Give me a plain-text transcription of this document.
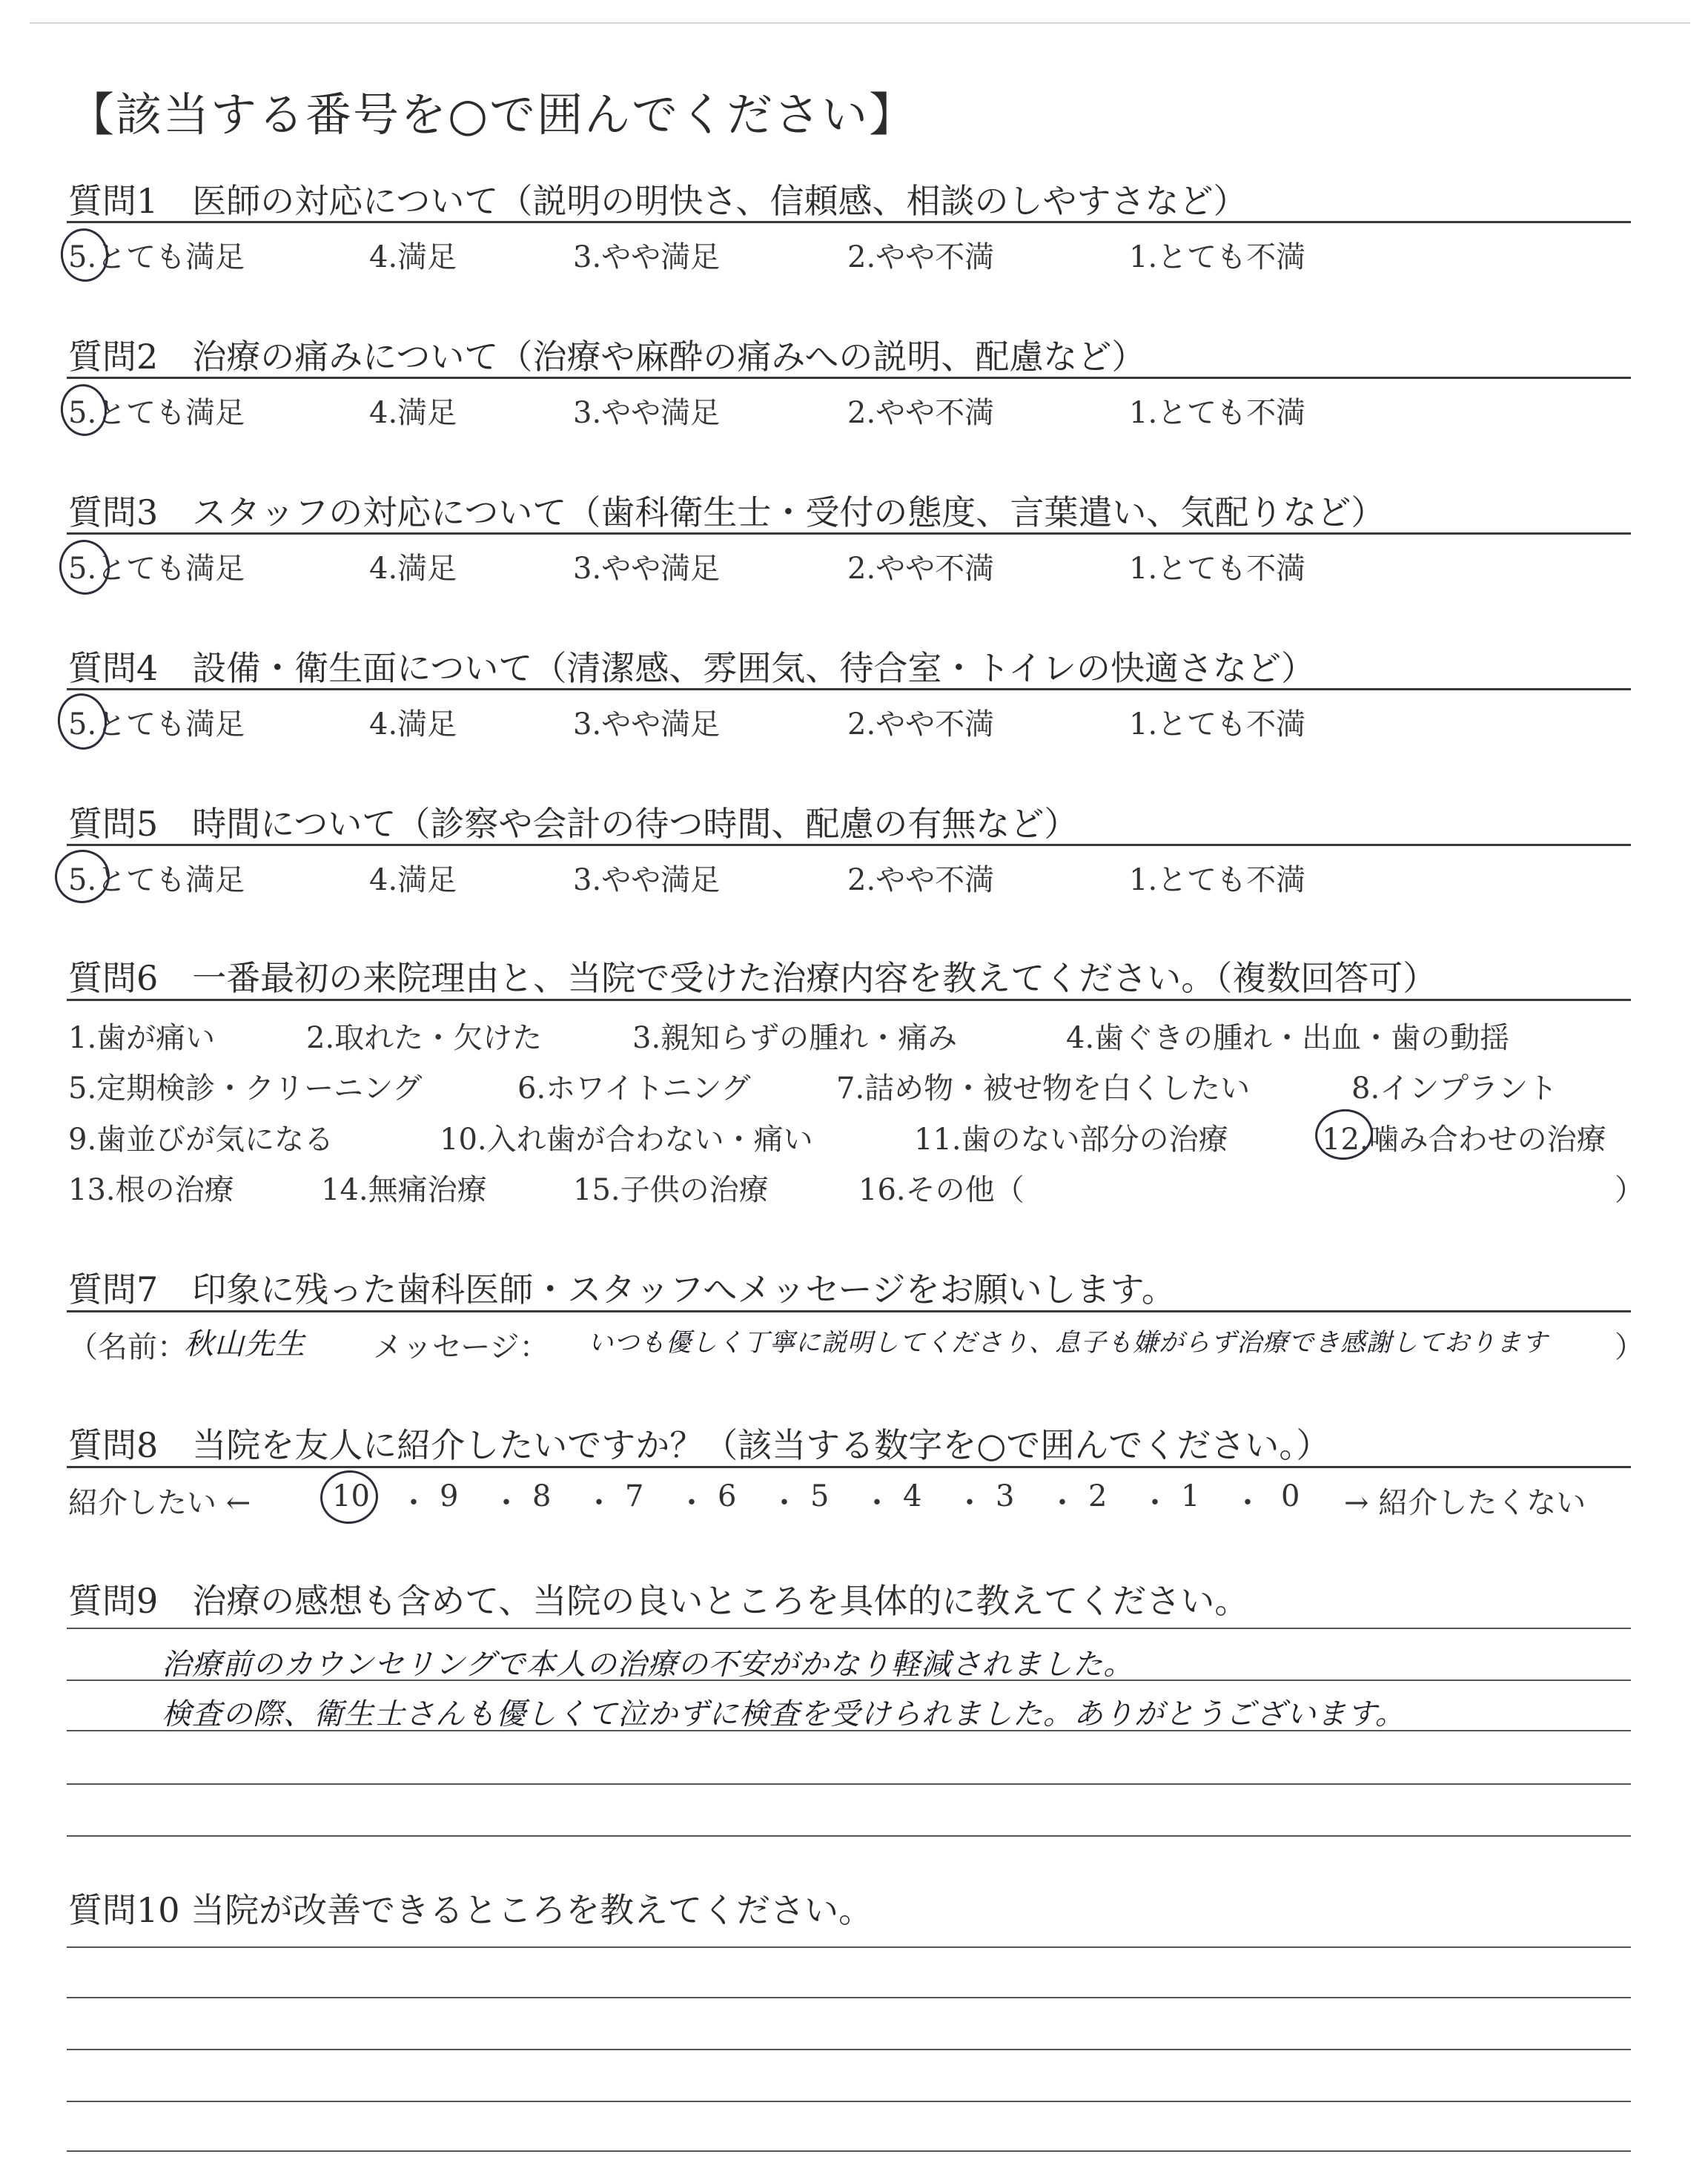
【該当する番号を○で囲んでください】
質問1　医師の対応について（説明の明快さ、信頼感、相談のしやすさなど）
5.とても満足	4.満足	3.やや満足	2.やや不満	1.とても不満
質問2　治療の痛みについて（治療や麻酔の痛みへの説明、配慮など）
5.とても満足	4.満足	3.やや満足	2.やや不満	1.とても不満
質問3　スタッフの対応について（歯科衛生士・受付の態度、言葉遣い、気配りなど）
5.とても満足	4.満足	3.やや満足	2.やや不満	1.とても不満
質問4　設備・衛生面について（清潔感、雰囲気、待合室・トイレの快適さなど）
5.とても満足	4.満足	3.やや満足	2.やや不満	1.とても不満
質問5　時間について（診察や会計の待つ時間、配慮の有無など）
5.とても満足	4.満足	3.やや満足	2.やや不満	1.とても不満
質問6　一番最初の来院理由と、当院で受けた治療内容を教えてください。（複数回答可）
1.歯が痛い	2.取れた・欠けた	3.親知らずの腫れ・痛み	4.歯ぐきの腫れ・出血・歯の動揺
5.定期検診・クリーニング	6.ホワイトニング	7.詰め物・被せ物を白くしたい	8.インプラント
9.歯並びが気になる	10.入れ歯が合わない・痛い	11.歯のない部分の治療	12.噛み合わせの治療
13.根の治療	14.無痛治療	15.子供の治療	16.その他（	）
質問7　印象に残った歯科医師・スタッフへメッセージをお願いします。
（名前：
秋山先生 メッセージ： いつも優しく丁寧に説明してくださり、息子も嫌がらず治療でき感謝しております ）
質問8　当院を友人に紹介したいですか？（該当する数字を○で囲んでください。）
紹介したい ←	10 ・ 9 ・ 8 ・ 7 ・ 6 ・ 5 ・ 4 ・ 3 ・ 2 ・ 1 ・ 0 → 紹介したくない
質問9　治療の感想も含めて、当院の良いところを具体的に教えてください。
治療前のカウンセリングで本人の治療の不安がかなり軽減されました。
検査の際、衛生士さんも優しくて泣かずに検査を受けられました。ありがとうございます。
質問10 当院が改善できるところを教えてください。
